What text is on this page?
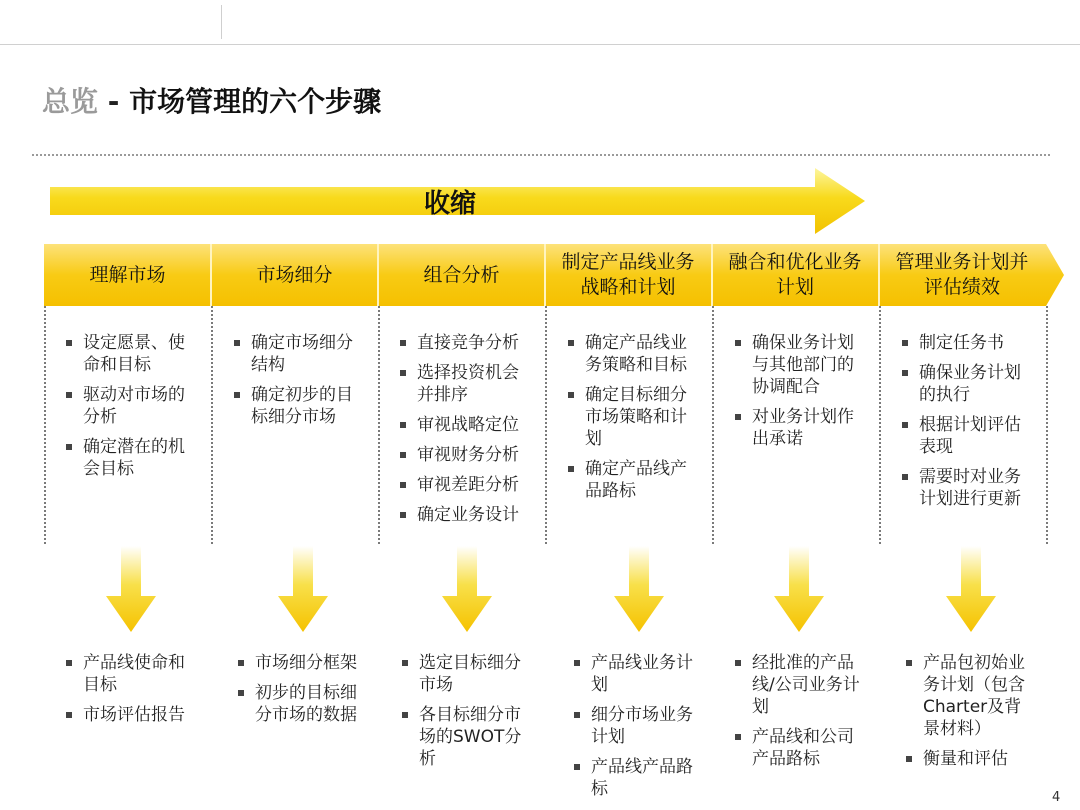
总览 - 市场管理的六个步骤
收缩
理解市场	市场细分	组合分析
制定产品线业务战略和计划
融合和优化业务计划
管理业务计划并评估绩效
设定愿景、使命和目标
驱动对市场的分析
确定潜在的机会目标
确定市场细分结构
确定初步的目标细分市场
直接竞争分析
选择投资机会并排序
审视战略定位
审视财务分析
审视差距分析
确定业务设计
确定产品线业务策略和目标
确定目标细分市场策略和计划
确定产品线产品路标
确保业务计划与其他部门的协调配合
对业务计划作出承诺
制定任务书
确保业务计划的执行
根据计划评估表现
需要时对业务计划进行更新
产品线使命和目标
市场评估报告
市场细分框架
初步的目标细分市场的数据
选定目标细分市场
各目标细分市场的SWOT分析
产品线业务计划
细分市场业务计划
产品线产品路标
经批准的产品线/公司业务计划
产品线和公司产品路标
产品包初始业务计划（包含Charter及背景材料）
衡量和评估
4
